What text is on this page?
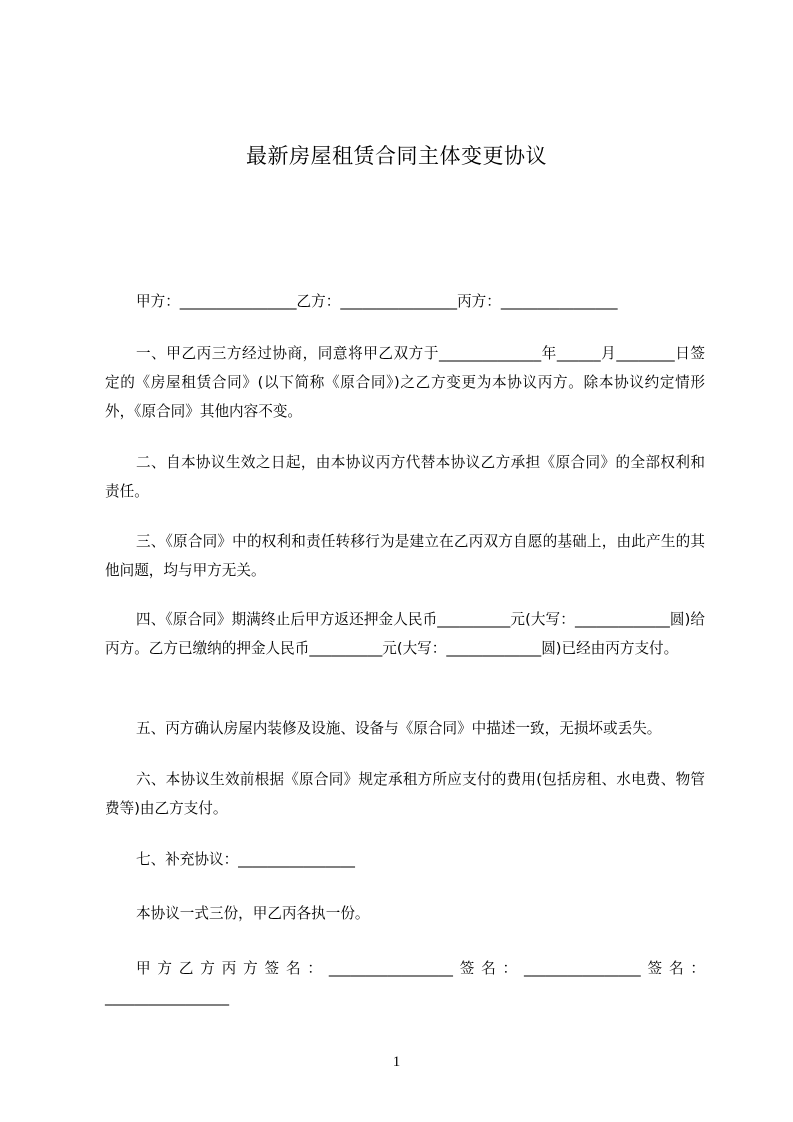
最新房屋租赁合同主体变更协议

甲方：________________乙方：________________丙方：________________

一、甲乙丙三方经过协商，同意将甲乙双方于______________年______月________日签定的《房屋租赁合同》(以下简称《原合同》)之乙方变更为本协议丙方。除本协议约定情形外，《原合同》其他内容不变。

二、自本协议生效之日起，由本协议丙方代替本协议乙方承担《原合同》的全部权利和责任。

三、《原合同》中的权利和责任转移行为是建立在乙丙双方自愿的基础上，由此产生的其他问题，均与甲方无关。

四、《原合同》期满终止后甲方返还押金人民币__________元(大写：_____________圆)给丙方。乙方已缴纳的押金人民币__________元(大写：_____________圆)已经由丙方支付。

五、丙方确认房屋内装修及设施、设备与《原合同》中描述一致，无损坏或丢失。

六、本协议生效前根据《原合同》规定承租方所应支付的费用(包括房租、水电费、物管费等)由乙方支付。

七、补充协议：________________

本协议一式三份，甲乙丙各执一份。

甲方乙方丙方签名：_________________签名：________________签名：_________________

1
